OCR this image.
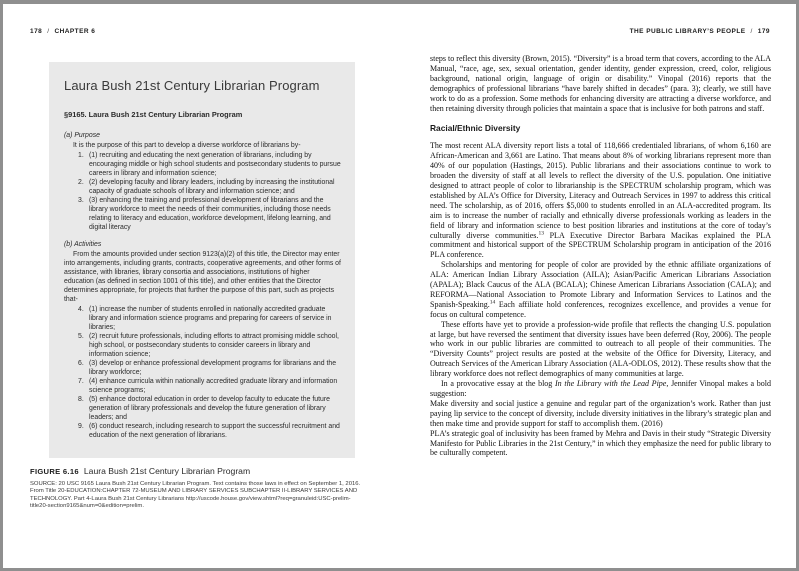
178 / CHAPTER 6	THE PUBLIC LIBRARY’S PEOPLE / 179
Laura Bush 21st Century Librarian Program
§9165. Laura Bush 21st Century Librarian Program
(a) Purpose

It is the purpose of this part to develop a diverse workforce of librarians by-

1. (1) recruiting and educating the next generation of librarians, including by encouraging middle or high school students and postsecondary students to pursue careers in library and information science;
2. (2) developing faculty and library leaders, including by increasing the institutional capacity of graduate schools of library and information science; and
3. (3) enhancing the training and professional development of librarians and the library workforce to meet the needs of their communities, including those needs relating to literacy and education, workforce development, lifelong learning, and digital literacy
(b) Activities

From the amounts provided under section 9123(a)(2) of this title, the Director may enter into arrangements, including grants, contracts, cooperative agreements, and other forms of assistance, with libraries, library consortia and associations, institutions of higher education (as defined in section 1001 of this title), and other entities that the Director determines appropriate, for projects that further the purpose of this part, such as projects that-

4. (1) increase the number of students enrolled in nationally accredited graduate library and information science programs and preparing for careers of service in libraries;
5. (2) recruit future professionals, including efforts to attract promising middle school, high school, or postsecondary students to consider careers in library and information science;
6. (3) develop or enhance professional development programs for librarians and the library workforce;
7. (4) enhance curricula within nationally accredited graduate library and information science programs;
8. (5) enhance doctoral education in order to develop faculty to educate the future generation of library professionals and develop the future generation of library leaders; and
9. (6) conduct research, including research to support the successful recruitment and education of the next generation of librarians.
FIGURE 6.16 Laura Bush 21st Century Librarian Program
SOURCE: 20 USC 9165 Laura Bush 21st Century Librarian Program. Text contains those laws in effect on September 1, 2016. From Title 20-EDUCATION:CHAPTER 72-MUSEUM AND LIBRARY SERVICES SUBCHAPTER II-LIBRARY SERVICES AND TECHNOLOGY. Part 4-Laura Bush 21st Century Librarians http://uscode.house.gov/view.shtml?req=granuleid:USC-prelim-title20-section9165&num=0&edition=prelim.

steps to reflect this diversity (Brown, 2015). “Diversity” is a broad term that covers, according to the ALA Manual, “race, age, sex, sexual orientation, gender identity, gender expression, creed, color, religious background, national origin, language of origin or disability.” Vinopal (2016) reports that the demographics of professional librarians “have barely shifted in decades” (para. 3); clearly, we still have work to do as a profession. Some methods for enhancing diversity are attracting a diverse workforce, and then retaining diversity through policies that maintain a space that is inclusive for both patrons and staff.

Racial/Ethnic Diversity

The most recent ALA diversity report lists a total of 118,666 credentialed librarians, of whom 6,160 are African-American and 3,661 are Latino. That means about 8% of working librarians represent more than 40% of our population (Hastings, 2015). Public librarians and their associations continue to work to broaden the diversity of staff at all levels to reflect the diversity of the U.S. population. One initiative designed to attract people of color to librarianship is the SPECTRUM scholarship program, which was established by ALA’s Office for Diversity, Literacy and Outreach Services in 1997 to address this critical need. The scholarship, as of 2016, offers $5,000 to students enrolled in an ALA-accredited program. Its aim is to increase the number of racially and ethnically diverse professionals working as leaders in the field of library and information science to best position libraries and institutions at the core of today’s culturally diverse communities.$^{13}$ PLA Executive Director Barbara Macikas explained the PLA commitment and historical support of the SPECTRUM Scholarship program in anticipation of the 2016 PLA conference.

Scholarships and mentoring for people of color are provided by the ethnic affiliate organizations of ALA: American Indian Library Association (AILA); Asian/Pacific American Librarians Association (APALA); Black Caucus of the ALA (BCALA); Chinese American Librarians Association (CALA); and REFORMA—National Association to Promote Library and Information Services to Latinos and the Spanish-Speaking.$^{14}$ Each affiliate hold conferences, recognizes excellence, and provides a venue for focus on cultural competence.

These efforts have yet to provide a profession-wide profile that reflects the changing U.S. population at large, but have reversed the sentiment that diversity issues have been deferred (Roy, 2006). The people who work in our public libraries are committed to outreach to all people of their communities. The “Diversity Counts” project results are posted at the website of the Office for Diversity, Literacy, and Outreach Services of the American Library Association (ALA-ODLOS, 2012). These results show that the library workforce does not reflect demographics of many communities at large.

In a provocative essay at the blog In the Library with the Lead Pipe, Jennifer Vinopal makes a bold suggestion:

Make diversity and social justice a genuine and regular part of the organization’s work. Rather than just paying lip service to the concept of diversity, include diversity initiatives in the library’s strategic plan and then make time and provide support for staff to accomplish them. (2016)

PLA’s strategic goal of inclusivity has been framed by Mehra and Davis in their study “Strategic Diversity Manifesto for Public Libraries in the 21st Century,” in which they emphasize the need for public library to be culturally competent.
